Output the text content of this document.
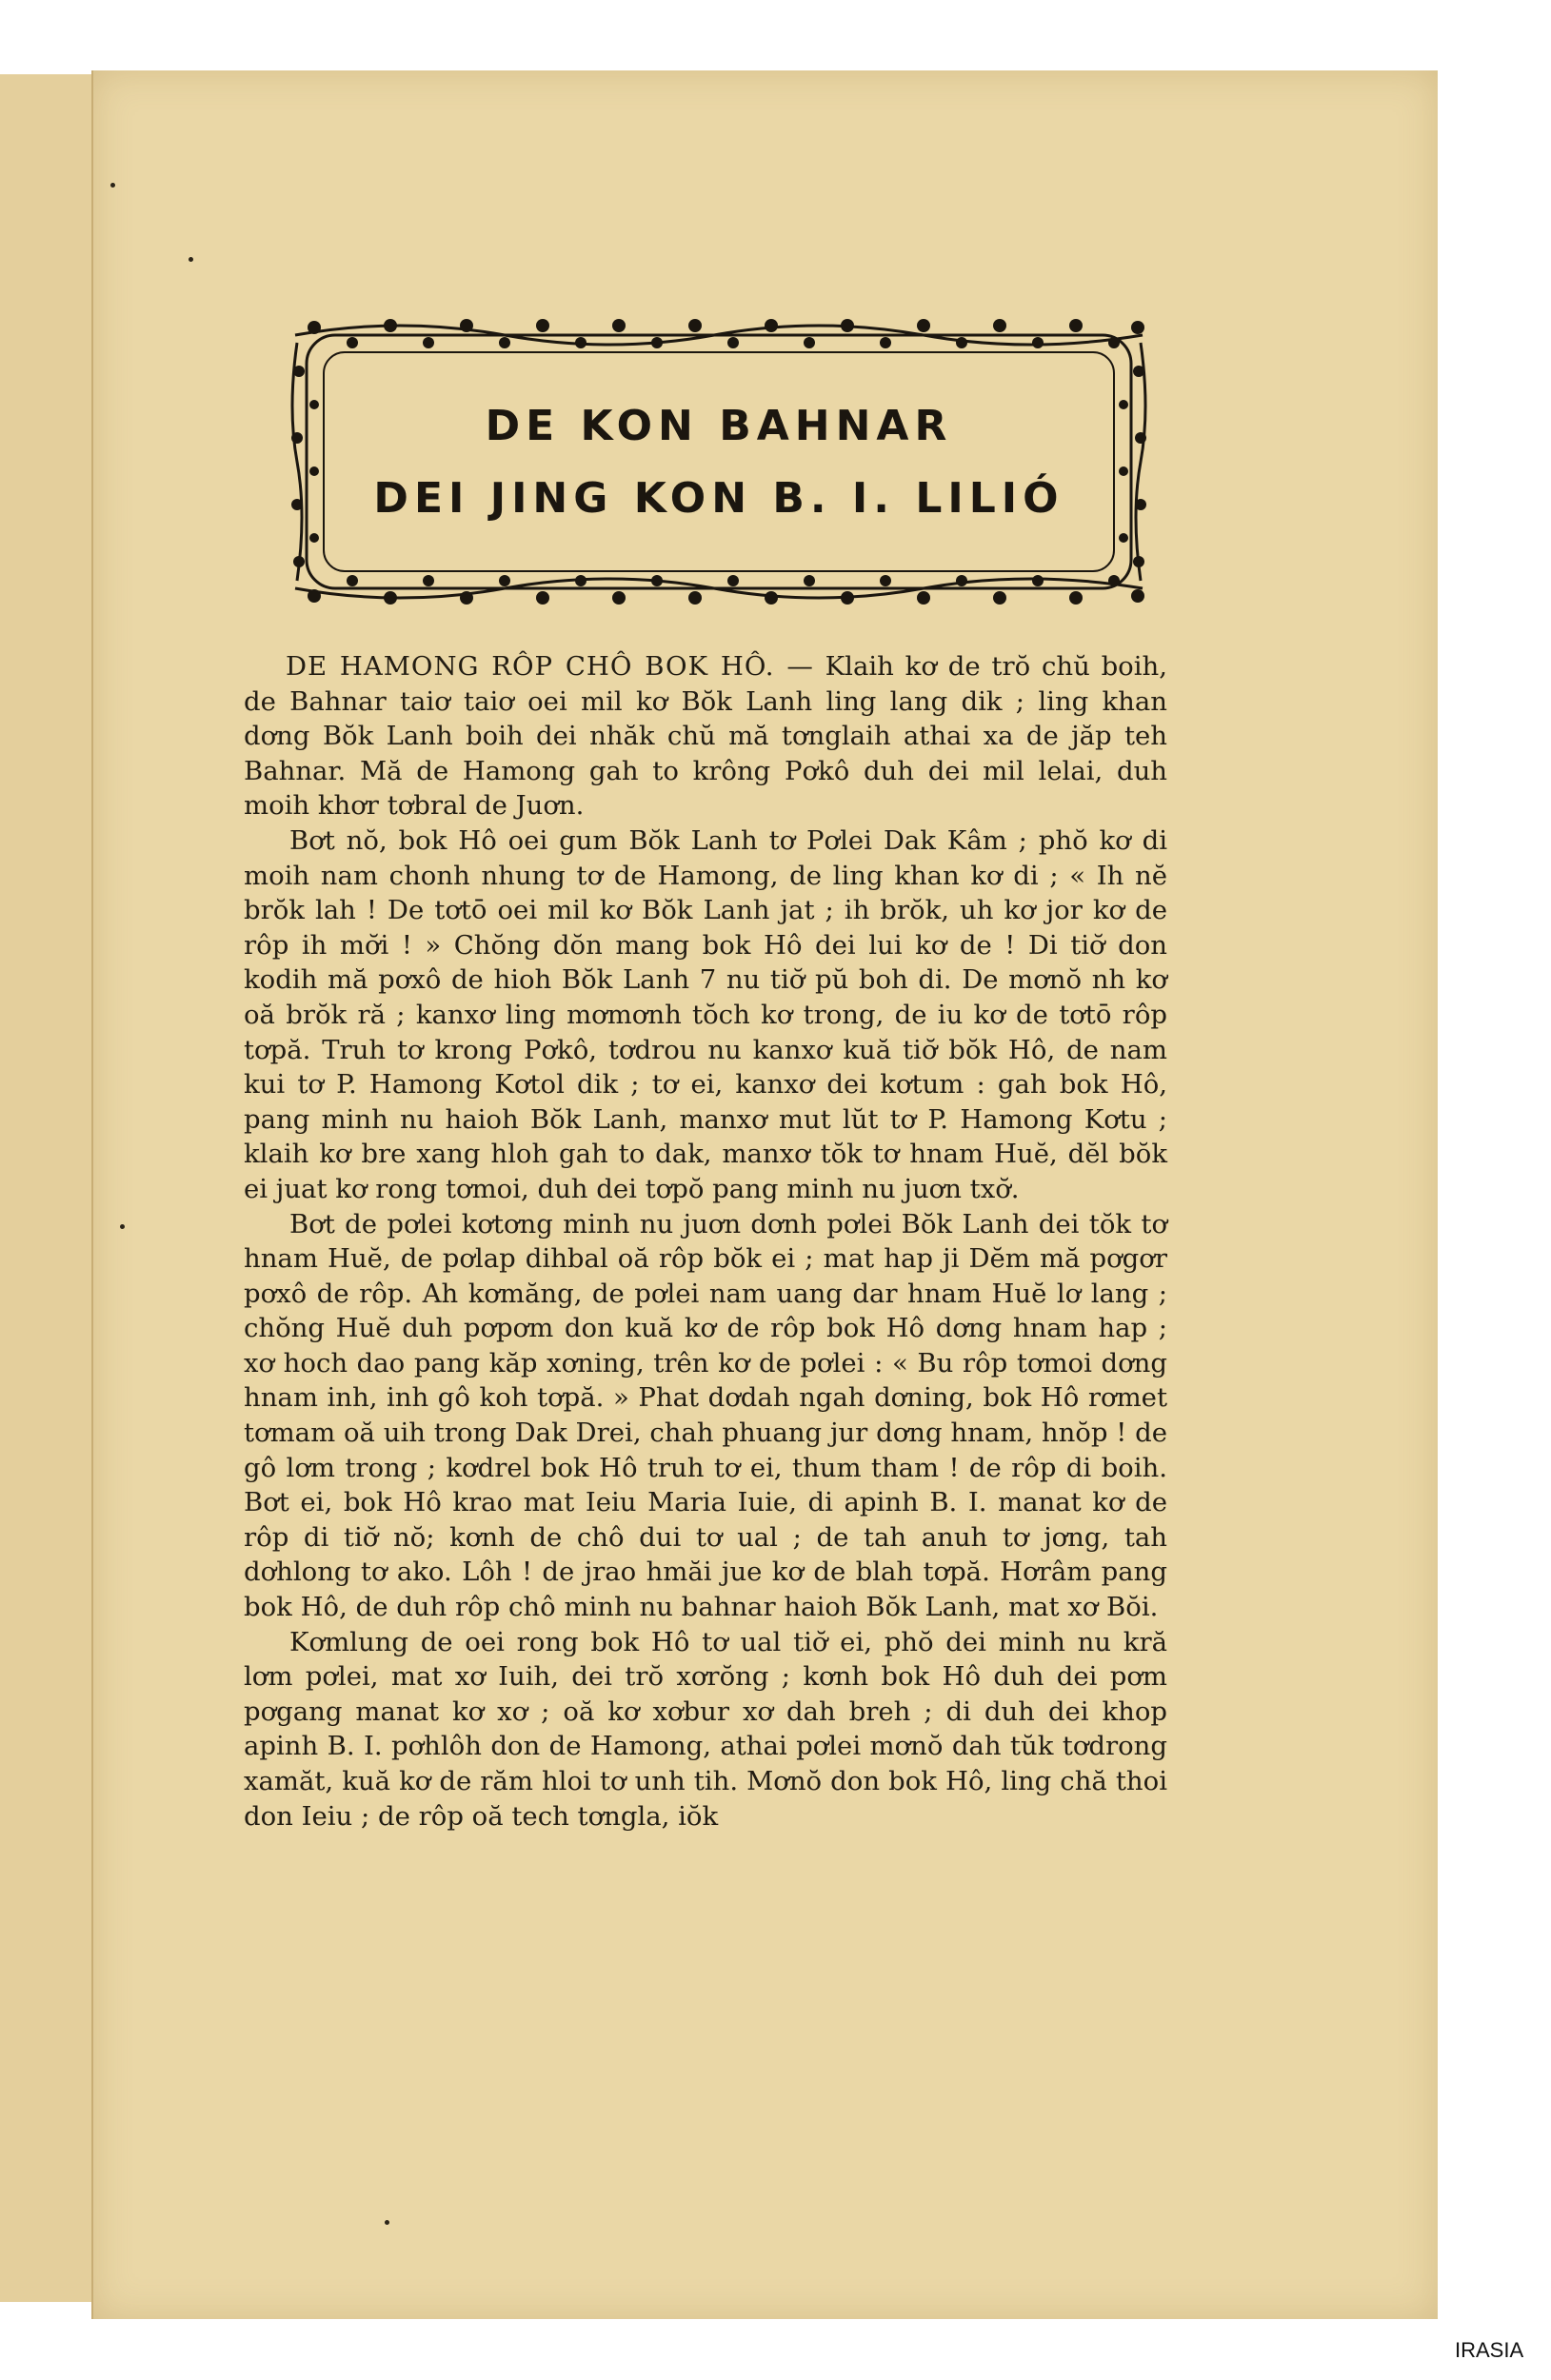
DE KON BAHNAR
DEI JING KON B. I. LILIÓ

DE HAMONG RÔP CHÔ BOK HÔ. — Klaih kơ de trŏ chŭ boih, de Bahnar taiơ taiơ oei mil kơ Bŏk Lanh ling lang dik ; ling khan dơng Bŏk Lanh boih dei nhăk chŭ mă tơnglaih athai xa de jăp teh Bahnar. Mă de Hamong gah to krông Pơkô duh dei mil lelai, duh moih khơr tơbral de Juơn.

Bơt nŏ, bok Hô oei gum Bŏk Lanh tơ Pơlei Dak Kâm ; phŏ kơ di moih nam chonh nhung tơ de Hamong, de ling khan kơ di ; « Ih nĕ brŏk lah ! De tơtō oei mil kơ Bŏk Lanh jat ; ih brŏk, uh kơ jor kơ de rôp ih mơ̆i ! » Chŏng dŏn mang bok Hô dei lui kơ de ! Di tiơ̆ don kodih mă pơxô de hioh Bŏk Lanh 7 nu tiơ̆ pŭ boh di. De mơnŏ nh kơ oă brŏk ră ; kanxơ ling mơmơnh tŏch kơ trong, de iu kơ de tơtō rôp tơpă. Truh tơ krong Pơkô, tơdrou nu kanxơ kuă tiơ̆ bŏk Hô, de nam kui tơ P. Hamong Kơtol dik ; tơ ei, kanxơ dei kơtum : gah bok Hô, pang minh nu haioh Bŏk Lanh, manxơ mut lŭt tơ P. Hamong Kơtu ; klaih kơ bre xang hloh gah to dak, manxơ tŏk tơ hnam Huĕ, dĕl bŏk ei juat kơ rong tơmoi, duh dei tơpŏ pang minh nu juơn txơ̆.

Bơt de pơlei kơtơng minh nu juơn dơnh pơlei Bŏk Lanh dei tŏk tơ hnam Huĕ, de pơlap dihbal oă rôp bŏk ei ; mat hap ji Dĕm mă pơgơr pơxô de rôp. Ah kơmăng, de pơlei nam uang dar hnam Huĕ lơ lang ; chŏng Huĕ duh pơpơm don kuă kơ de rôp bok Hô dơng hnam hap ; xơ hoch dao pang kăp xơning, trên kơ de pơlei : « Bu rôp tơmoi dơng hnam inh, inh gô koh tơpă. » Phat dơdah ngah dơning, bok Hô rơmet tơmam oă uih trong Dak Drei, chah phuang jur dơng hnam, hnŏp ! de gô lơm trong ; kơdrel bok Hô truh tơ ei, thum tham ! de rôp di boih. Bơt ei, bok Hô krao mat Ieiu Maria Iuie, di apinh B. I. manat kơ de rôp di tiơ̆ nŏ; kơnh de chô dui tơ ual ; de tah anuh tơ jơng, tah dơhlong tơ ako. Lôh ! de jrao hmăi jue kơ de blah tơpă. Hơrâm pang bok Hô, de duh rôp chô minh nu bahnar haioh Bŏk Lanh, mat xơ Bŏi.

Kơmlung de oei rong bok Hô tơ ual tiơ̆ ei, phŏ dei minh nu kră lơm pơlei, mat xơ Iuih, dei trŏ xơrŏng ; kơnh bok Hô duh dei pơm pơgang manat kơ xơ ; oă kơ xơbur xơ dah breh ; di duh dei khop apinh B. I. pơhlôh don de Hamong, athai pơlei mơnŏ dah tŭk tơdrong xamăt, kuă kơ de răm hloi tơ unh tih. Mơnŏ don bok Hô, ling chă thoi don Ieiu ; de rôp oă tech tơngla, iŏk

IRASIA
